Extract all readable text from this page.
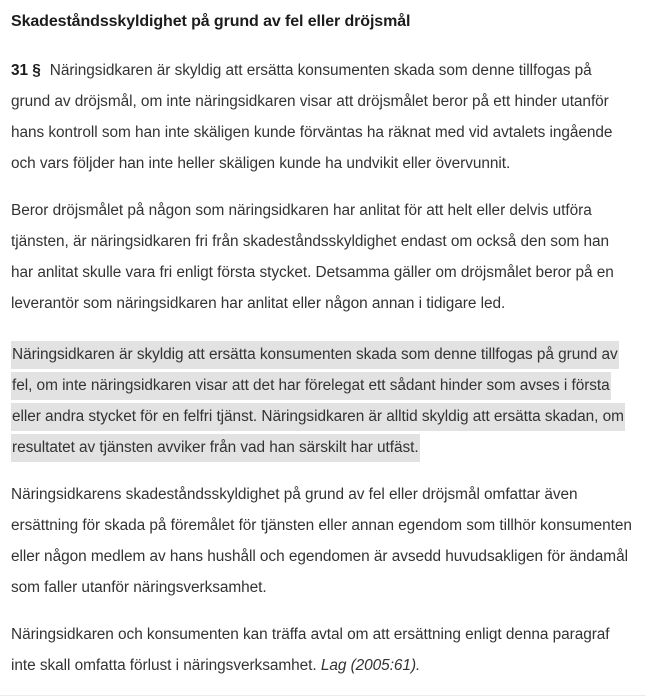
Skadeståndsskyldighet på grund av fel eller dröjsmål

31 § Näringsidkaren är skyldig att ersätta konsumenten skada som denne tillfogas på grund av dröjsmål, om inte näringsidkaren visar att dröjsmålet beror på ett hinder utanför hans kontroll som han inte skäligen kunde förväntas ha räknat med vid avtalets ingående och vars följder han inte heller skäligen kunde ha undvikit eller övervunnit.

Beror dröjsmålet på någon som näringsidkaren har anlitat för att helt eller delvis utföra tjänsten, är näringsidkaren fri från skadeståndsskyldighet endast om också den som han har anlitat skulle vara fri enligt första stycket. Detsamma gäller om dröjsmålet beror på en leverantör som näringsidkaren har anlitat eller någon annan i tidigare led.

Näringsidkaren är skyldig att ersätta konsumenten skada som denne tillfogas på grund av fel, om inte näringsidkaren visar att det har förelegat ett sådant hinder som avses i första eller andra stycket för en felfri tjänst. Näringsidkaren är alltid skyldig att ersätta skadan, om resultatet av tjänsten avviker från vad han särskilt har utfäst.

Näringsidkarens skadeståndsskyldighet på grund av fel eller dröjsmål omfattar även ersättning för skada på föremålet för tjänsten eller annan egendom som tillhör konsumenten eller någon medlem av hans hushåll och egendomen är avsedd huvudsakligen för ändamål som faller utanför näringsverksamhet.

Näringsidkaren och konsumenten kan träffa avtal om att ersättning enligt denna paragraf inte skall omfatta förlust i näringsverksamhet. Lag (2005:61).
